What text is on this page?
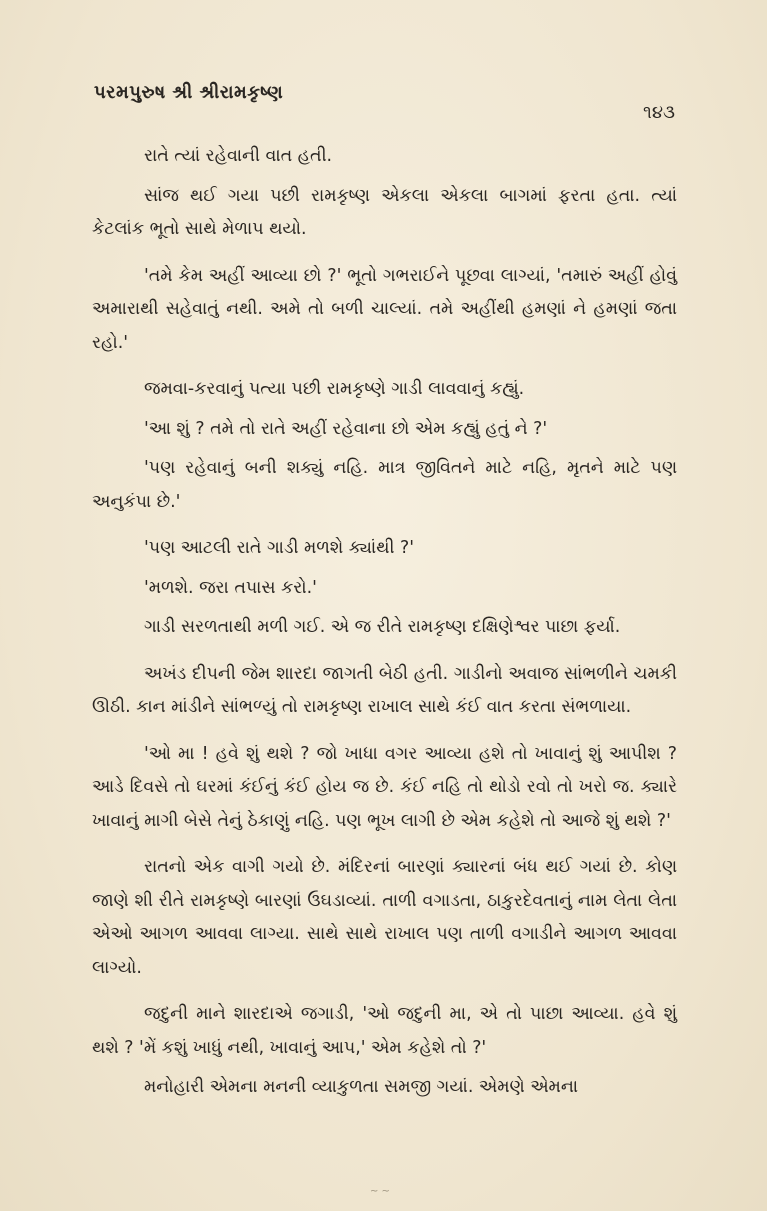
પરમપુરુષ શ્રી શ્રીરામકૃષ્ણ
૧૪૩

રાતે ત્યાં રહેવાની વાત હતી.

સાંજ થઈ ગયા પછી રામકૃષ્ણ એકલા એકલા બાગમાં ફરતા હતા. ત્યાં કેટલાંક ભૂતો સાથે મેળાપ થયો.

'તમે કેમ અહીં આવ્યા છો ?' ભૂતો ગભરાઈને પૂછવા લાગ્યાં, 'તમારું અહીં હોવું અમારાથી સહેવાતું નથી. અમે તો બળી ચાલ્યાં. તમે અહીંથી હમણાં ને હમણાં જતા રહો.'

જમવા-કરવાનું પત્યા પછી રામકૃષ્ણે ગાડી લાવવાનું કહ્યું.

'આ શું ? તમે તો રાતે અહીં રહેવાના છો એમ કહ્યું હતું ને ?'

'પણ રહેવાનું બની શક્યું નહિ. માત્ર જીવિતને માટે નહિ, મૃતને માટે પણ અનુકંપા છે.'

'પણ આટલી રાતે ગાડી મળશે ક્યાંથી ?'

'મળશે. જરા તપાસ કરો.'

ગાડી સરળતાથી મળી ગઈ. એ જ રીતે રામકૃષ્ણ દક્ષિણેશ્વર પાછા ફર્યા.

અખંડ દીપની જેમ શારદા જાગતી બેઠી હતી. ગાડીનો અવાજ સાંભળીને ચમકી ઊઠી. કાન માંડીને સાંભળ્યું તો રામકૃષ્ણ રાખાલ સાથે કંઈ વાત કરતા સંભળાયા.

'ઓ મા ! હવે શું થશે ? જો ખાધા વગર આવ્યા હશે તો ખાવાનું શું આપીશ ? આડે દિવસે તો ઘરમાં કંઈનું કંઈ હોય જ છે. કંઈ નહિ તો થોડો રવો તો ખરો જ. ક્યારે ખાવાનું માગી બેસે તેનું ઠેકાણું નહિ. પણ ભૂખ લાગી છે એમ કહેશે તો આજે શું થશે ?'

રાતનો એક વાગી ગયો છે. મંદિરનાં બારણાં ક્યારનાં બંધ થઈ ગયાં છે. કોણ જાણે શી રીતે રામકૃષ્ણે બારણાં ઉઘડાવ્યાં. તાળી વગાડતા, ઠાકુરદેવતાનું નામ લેતા લેતા એઓ આગળ આવવા લાગ્યા. સાથે સાથે રાખાલ પણ તાળી વગાડીને આગળ આવવા લાગ્યો.

જદુની માને શારદાએ જગાડી, 'ઓ જદુની મા, એ તો પાછા આવ્યા. હવે શું થશે ? 'મેં કશું ખાધું નથી, ખાવાનું આપ,' એમ કહેશે તો ?'

મનોહારી એમના મનની વ્યાકુળતા સમજી ગયાં. એમણે એમના

~ ~
